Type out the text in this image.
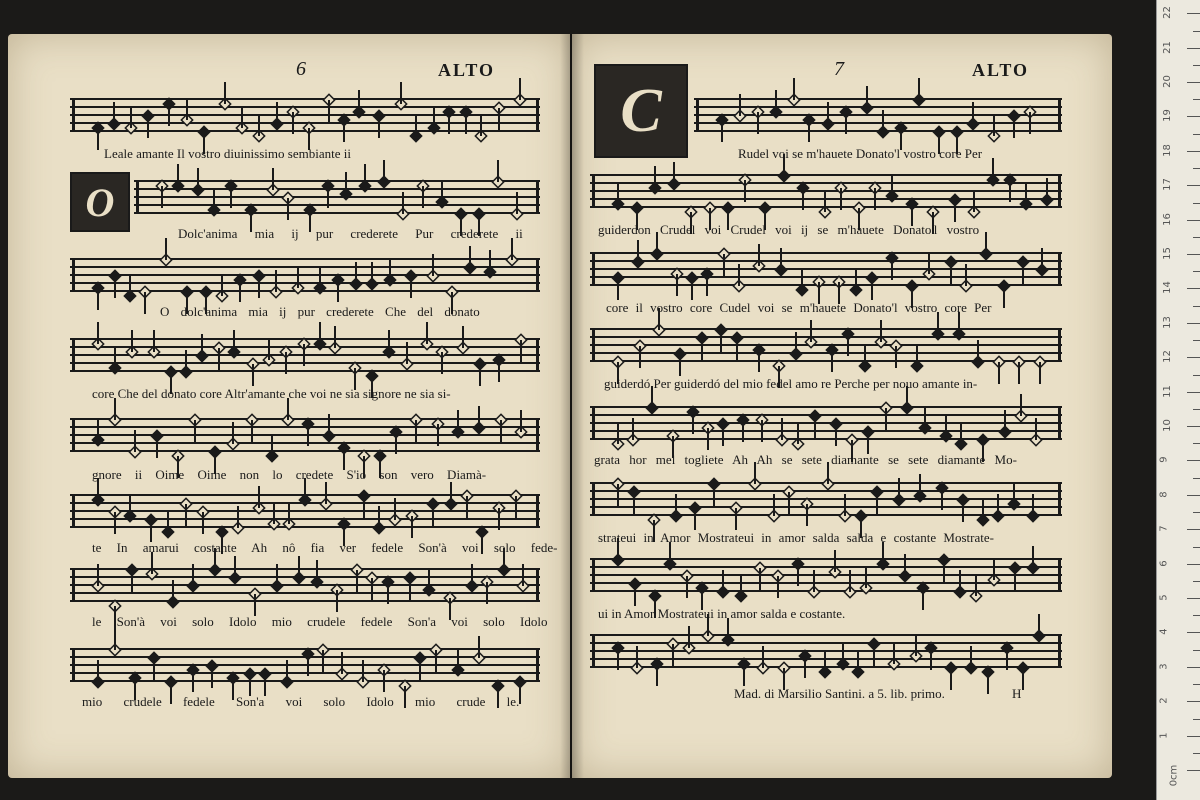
6	ALTO	7	ALTO
O
C
Leale amante Il vostro diuinissimo sembiante ii
Dolc'anima mia ij pur crederete Pur crederete ii
O dolc'anima mia ij pur crederete Che del donato
core Che del donato core Altr'amante che voi ne sia signore ne sia si-
gnore ii Oime Oime non lo credete S'io son vero Diamà-
te In amarui costante Ah nô fia ver fedele Son'à voi solo fede-
le Son'à voi solo Idolo mio crudele fedele Son'a voi solo Idolo
mio crudele fedele Son'a voi solo Idolo mio crude le.
Rudel voi se m'hauete Donato'l vostro core Per
guiderdon Crudel voi Crudel voi ij se m'hauete Donato'l vostro
core il vostro core Cudel voi se m'hauete Donato'l vostro core Per
guiderdó Per guiderdó del mio fedel amo re Perche per nouo amante in-
grata hor mel togliete Ah Ah se sete diamante se sete diamante Mo-
strateui in Amor Mostrateui in amor salda salda e costante Mostrate-
ui in Amor Mostrateui in amor salda e costante.
Mad. di Marsilio Santini. a 5. lib. primo.	H
0cm
1
2
3
4
5
6
7
8
9
10
11
12
13
14
15
16
17
18
19
20
21
22
